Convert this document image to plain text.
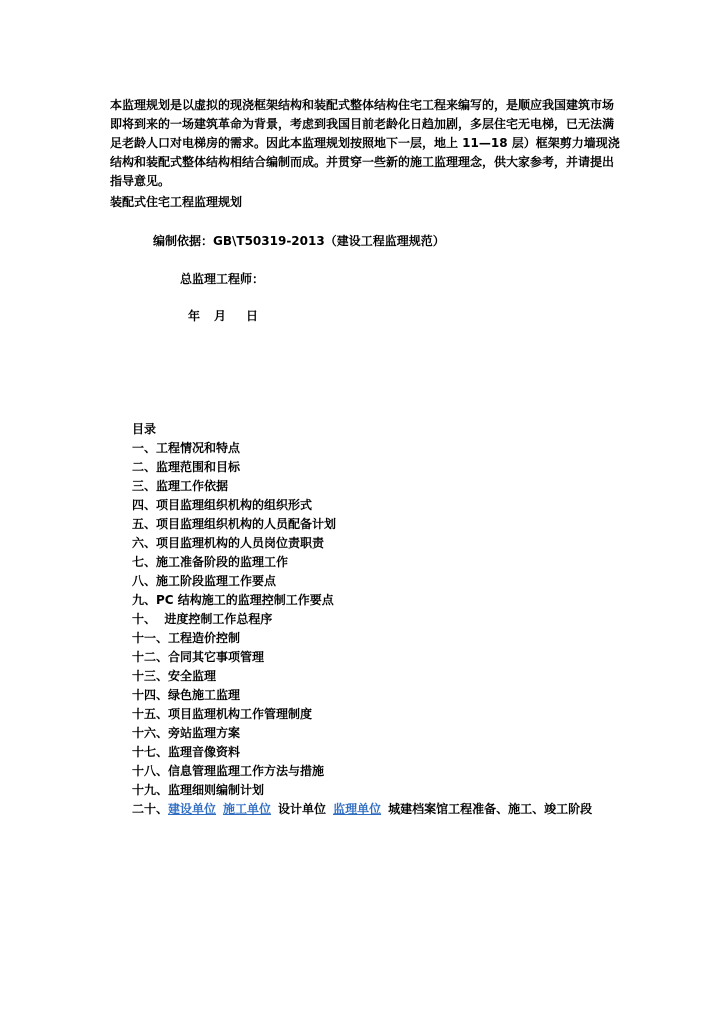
本监理规划是以虚拟的现浇框架结构和装配式整体结构住宅工程来编写的，是顺应我国建筑市场即将到来的一场建筑革命为背景，考虑到我国目前老龄化日趋加剧，多层住宅无电梯，已无法满足老龄人口对电梯房的需求。因此本监理规划按照地下一层，地上 11—18 层）框架剪力墙现浇结构和装配式整体结构相结合编制而成。并贯穿一些新的施工监理理念，供大家参考，并请提出指导意见。

装配式住宅工程监理规划
编制依据：GB\T50319-2013（建设工程监理规范）
总监理工程师：
年 月 日

目录

一、工程情况和特点
二、监理范围和目标
三、监理工作依据
四、项目监理组织机构的组织形式
五、项目监理组织机构的人员配备计划
六、项目监理机构的人员岗位责职责
七、施工准备阶段的监理工作
八、施工阶段监理工作要点
九、PC 结构施工的监理控制工作要点
十、  进度控制工作总程序
十一、工程造价控制
十二、合同其它事项管理
十三、安全监理
十四、绿色施工监理
十五、项目监理机构工作管理制度
十六、旁站监理方案
十七、监理音像资料
十八、信息管理监理工作方法与措施
十九、监理细则编制计划
二十、建设单位 施工单位 设计单位 监理单位 城建档案馆工程准备、施工、竣工阶段
